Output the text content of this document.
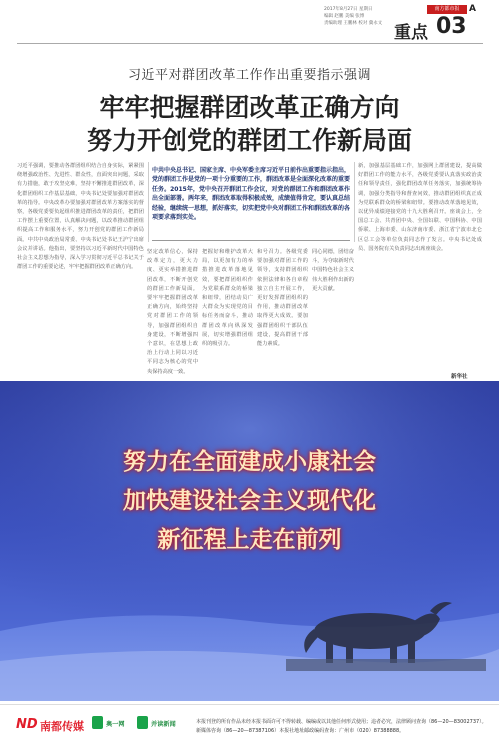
2017年8月27日 星期日
编辑 赵鹏 美编 张博
责编助理 王鹏林 校对 冀永文 重点
南方都市报	A
03
习近平对群团改革工作作出重要指示强调
牢牢把握群团改革正确方向
努力开创党的群团工作新局面
习近平强调，要推动各群团组织结合自身实际，紧紧围绕增强政治性、先进性、群众性，直面突出问题，采取有力措施，敢于攻坚克难，坚持不懈推进群团改革，深化群团组织工作基层基础，中央书记处要加强对群团改革的指导。中央改革办要加强对群团改革方案落实的督察，各级党委要负起组织推进群团改革的责任，把群团工作摆上重要位置，认真解决问题，以改革推动群团组织提高工作和服务水平，努力开创党的群团工作新局面。中共中央政治局常委、中央书记处书记王沪宁出席会议并讲话。他指出，要坚持以习近平新时代中国特色社会主义思想为指导，深入学习贯彻习近平总书记关于群团工作的重要论述，牢牢把握群团改革正确方向。
中共中央总书记、国家主席、中央军委主席习近平日前作出重要指示指出，党的群团工作是党的一项十分重要的工作，群团改革是全面深化改革的重要任务。2015年，党中央召开群团工作会议，对党的群团工作和群团改革作出全面部署。两年来，群团改革取得积极成效，成绩值得肯定，要认真总结经验，继续统一思想，抓好落实，切实把党中央对群团工作和群团改革的各项要求落到实处。
坚定改革信心，保持改革定力，更大力度、更实举措推进群团改革，不断开创党的群团工作新局面。要牢牢把握群团改革正确方向，始终坚持党对群团工作的领导，加强群团组织自身建设，不断增强四个意识，在思想上政治上行动上同以习近平同志为核心的党中央保持高度一致。
把握好和维护改革大局，以更加有力的举措推进改革落地见效，要把群团组织作为党联系群众的桥梁和纽带，团结动员广大群众为实现党的目标任务而奋斗，推动群团改革向纵深发展，切实增强群团组织的吸引力。
和号召力。各级党委要加强对群团工作的领导，支持群团组织依照法律和各自章程独立自主开展工作，更好发挥群团组织的作用，推动群团改革取得更大成效。要加强群团组织干部队伍建设，提高群团干部能力素质。
同心同德，团结奋斗，为夺取新时代中国特色社会主义伟大胜利作出新的更大贡献。
新，加强基层基础工作，加强网上群团建设，提高做好群团工作的能力水平，各级党委要认真落实政治责任和领导责任，强化群团改革任务落实，加强统筹协调，加强分类指导和督查问效，推动群团组织真正成为党联系群众的桥梁和纽带。要推动改革落地见效，以优异成绩迎接党的十九大胜利召开。座谈会上，全国总工会、共青团中央、全国妇联、中国科协、中国侨联、上海市委、山东济南市委、浙江省宁波市北仑区总工会等单位负责同志作了发言。中央书记处成员、国务院有关负责同志出席座谈会。
新华社
努力在全面建成小康社会
加快建设社会主义现代化
新征程上走在前列
ND 南都传媒	奥一网	并读新闻	本报刊登的所有作品未经本报书面许可不得转载、编编或以其他任何形式使用；违者必究，法律顾问查询（86—20—83002737）。
新媒体咨询（86—20—87387106）本报社地址邮政编码查询：广州市（020）87388888。
